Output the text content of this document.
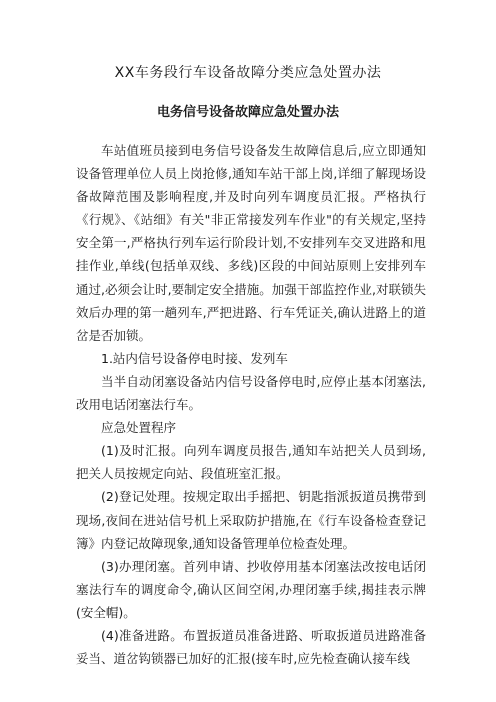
XX车务段行车设备故障分类应急处置办法
电务信号设备故障应急处置办法

车站值班员接到电务信号设备发生故障信息后,应立即通知设备管理单位人员上岗抢修,通知车站干部上岗,详细了解现场设备故障范围及影响程度,并及时向列车调度员汇报。严格执行《行规》、《站细》有关"非正常接发列车作业"的有关规定,坚持安全第一,严格执行列车运行阶段计划,不安排列车交叉进路和甩挂作业,单线(包括单双线、多线)区段的中间站原则上安排列车通过,必须会让时,要制定安全措施。加强干部监控作业,对联锁失效后办理的第一趟列车,严把进路、行车凭证关,确认进路上的道岔是否加锁。

1.站内信号设备停电时接、发列车

当半自动闭塞设备站内信号设备停电时,应停止基本闭塞法,改用电话闭塞法行车。

应急处置程序

(1)及时汇报。向列车调度员报告,通知车站把关人员到场,把关人员按规定向站、段值班室汇报。

(2)登记处理。按规定取出手摇把、钥匙指派扳道员携带到现场,夜间在进站信号机上采取防护措施,在《行车设备检查登记簿》内登记故障现象,通知设备管理单位检查处理。

(3)办理闭塞。首列申请、抄收停用基本闭塞法改按电话闭塞法行车的调度命令,确认区间空闲,办理闭塞手续,揭挂表示牌(安全帽)。

(4)准备进路。布置扳道员准备进路、听取扳道员进路准备妥当、道岔钩锁器已加好的汇报(接车时,应先检查确认接车线
